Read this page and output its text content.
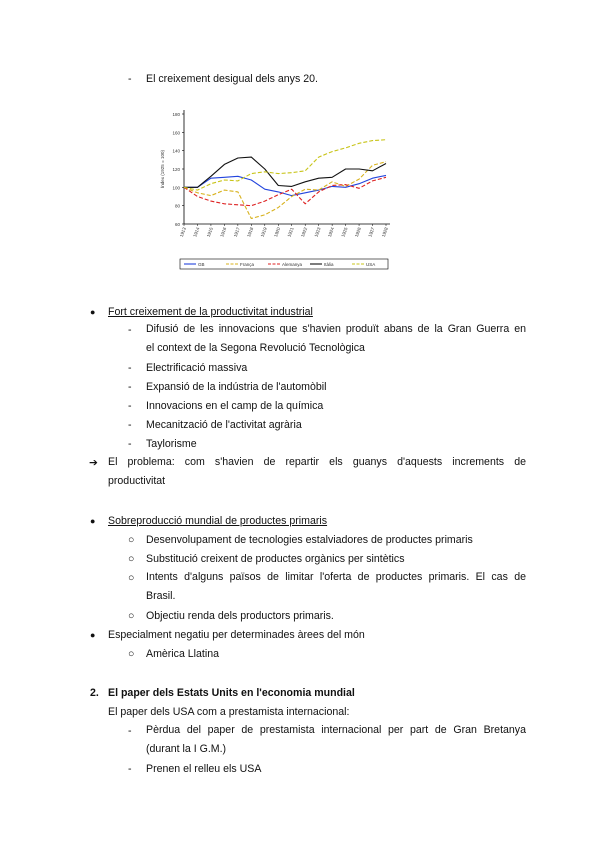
- El creixement desigual dels anys 20.
60
80
100
120
140
160
180
Índex (1925 = 100)
1913 1914 1915 1916 1917 1918 1919 1920 1921 1922 1923 1924 1925 1926 1927 1928
GB	França	Alemanya	Itàlia	USA
● Fort creixement de la productivitat industrial
- Difusió de les innovacions que s'havien produït abans de la Gran Guerra en
el context de la Segona Revolució Tecnològica
- Electrificació massiva
- Expansió de la indústria de l'automòbil
- Innovacions en el camp de la química
- Mecanització de l'activitat agrària
- Taylorisme
➔ El problema: com s'havien de repartir els guanys d'aquests increments de
productivitat
● Sobreproducció mundial de productes primaris
○ Desenvolupament de tecnologies estalviadores de productes primaris
○ Substitució creixent de productes orgànics per sintètics
○ Intents d'alguns països de limitar l'oferta de productes primaris. El cas de
Brasil.
○ Objectiu renda dels productors primaris.
● Especialment negatiu per determinades àrees del món
○ Amèrica Llatina
2. El paper dels Estats Units en l'economia mundial
El paper dels USA com a prestamista internacional:
- Pèrdua del paper de prestamista internacional per part de Gran Bretanya
(durant la I G.M.)
- Prenen el relleu els USA
